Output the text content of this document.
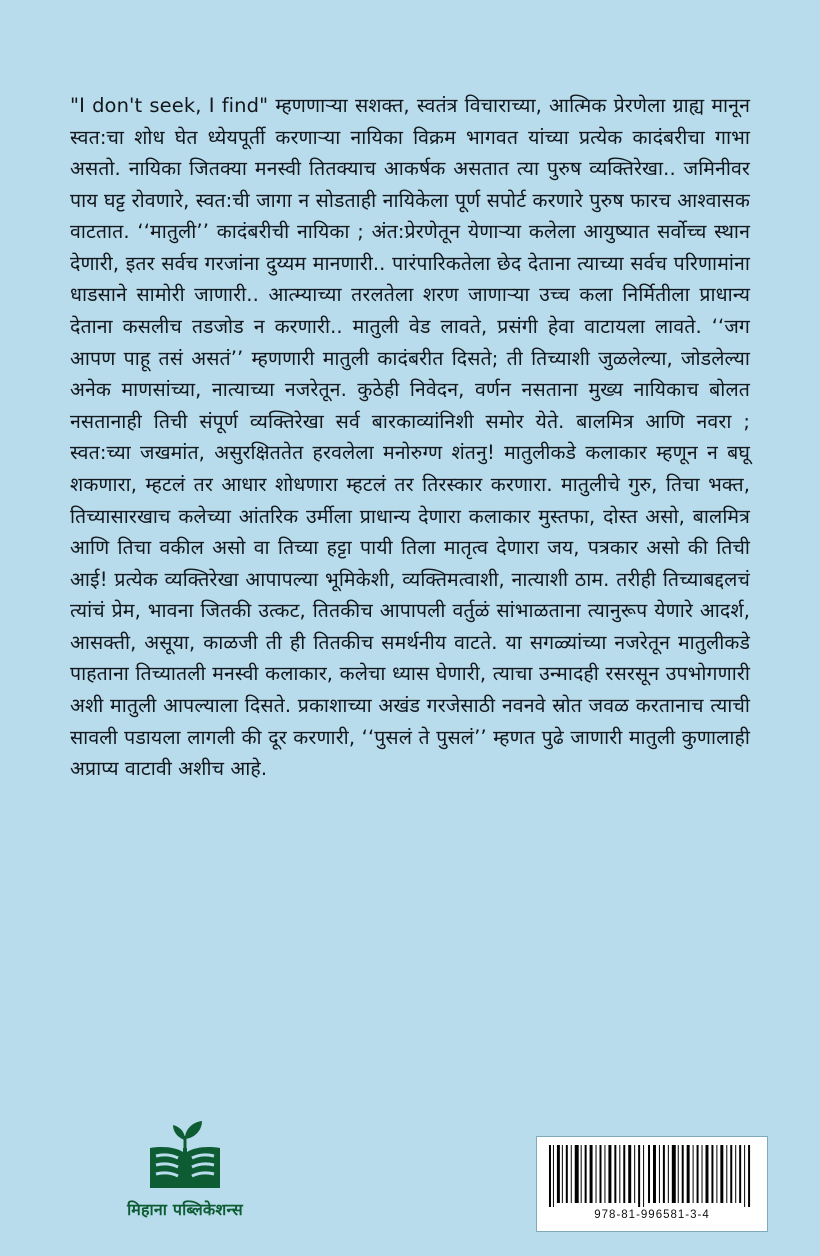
"I don't seek, I find" म्हणणाऱ्या सशक्त, स्वतंत्र विचाराच्या, आत्मिक प्रेरणेला ग्राह्य मानून स्वत:चा शोध घेत ध्येयपूर्ती करणाऱ्या नायिका विक्रम भागवत यांच्या प्रत्येक कादंबरीचा गाभा असतो. नायिका जितक्या मनस्वी तितक्याच आकर्षक असतात त्या पुरुष व्यक्तिरेखा.. जमिनीवर पाय घट्ट रोवणारे, स्वत:ची जागा न सोडताही नायिकेला पूर्ण सपोर्ट करणारे पुरुष फारच आश्वासक वाटतात. ‘‘मातुली’’ कादंबरीची नायिका ; अंत:प्रेरणेतून येणाऱ्या कलेला आयुष्यात सर्वोच्च स्थान देणारी, इतर सर्वच गरजांना दुय्यम मानणारी.. पारंपारिकतेला छेद देताना त्याच्या सर्वच परिणामांना धाडसाने सामोरी जाणारी.. आत्म्याच्या तरलतेला शरण जाणाऱ्या उच्च कला निर्मितीला प्राधान्य देताना कसलीच तडजोड न करणारी.. मातुली वेड लावते, प्रसंगी हेवा वाटायला लावते. ‘‘जग आपण पाहू तसं असतं’’ म्हणणारी मातुली कादंबरीत दिसते; ती तिच्याशी जुळलेल्या, जोडलेल्या अनेक माणसांच्या, नात्याच्या नजरेतून. कुठेही निवेदन, वर्णन नसताना मुख्य नायिकाच बोलत नसतानाही तिची संपूर्ण व्यक्तिरेखा सर्व बारकाव्यांनिशी समोर येते. बालमित्र आणि नवरा ; स्वत:च्या जखमांत, असुरक्षिततेत हरवलेला मनोरुग्ण शंतनु! मातुलीकडे कलाकार म्हणून न बघू शकणारा, म्हटलं तर आधार शोधणारा म्हटलं तर तिरस्कार करणारा. मातुलीचे गुरु, तिचा भक्त, तिच्यासारखाच कलेच्या आंतरिक उर्मीला प्राधान्य देणारा कलाकार मुस्तफा, दोस्त असो, बालमित्र आणि तिचा वकील असो वा तिच्या हट्टा पायी तिला मातृत्व देणारा जय, पत्रकार असो की तिची आई! प्रत्येक व्यक्तिरेखा आपापल्या भूमिकेशी, व्यक्तिमत्वाशी, नात्याशी ठाम. तरीही तिच्याबद्दलचं त्यांचं प्रेम, भावना जितकी उत्कट, तितकीच आपापली वर्तुळं सांभाळताना त्यानुरूप येणारे आदर्श, आसक्ती, असूया, काळजी ती ही तितकीच समर्थनीय वाटते. या सगळ्यांच्या नजरेतून मातुलीकडे पाहताना तिच्यातली मनस्वी कलाकार, कलेचा ध्यास घेणारी, त्याचा उन्मादही रसरसून उपभोगणारी अशी मातुली आपल्याला दिसते. प्रकाशाच्या अखंड गरजेसाठी नवनवे स्रोत जवळ करतानाच त्याची सावली पडायला लागली की दूर करणारी, ‘‘पुसलं ते पुसलं’’ म्हणत पुढे जाणारी मातुली कुणालाही अप्राप्य वाटावी अशीच आहे.
मिहाना पब्लिकेशन्स	978-81-996581-3-4
